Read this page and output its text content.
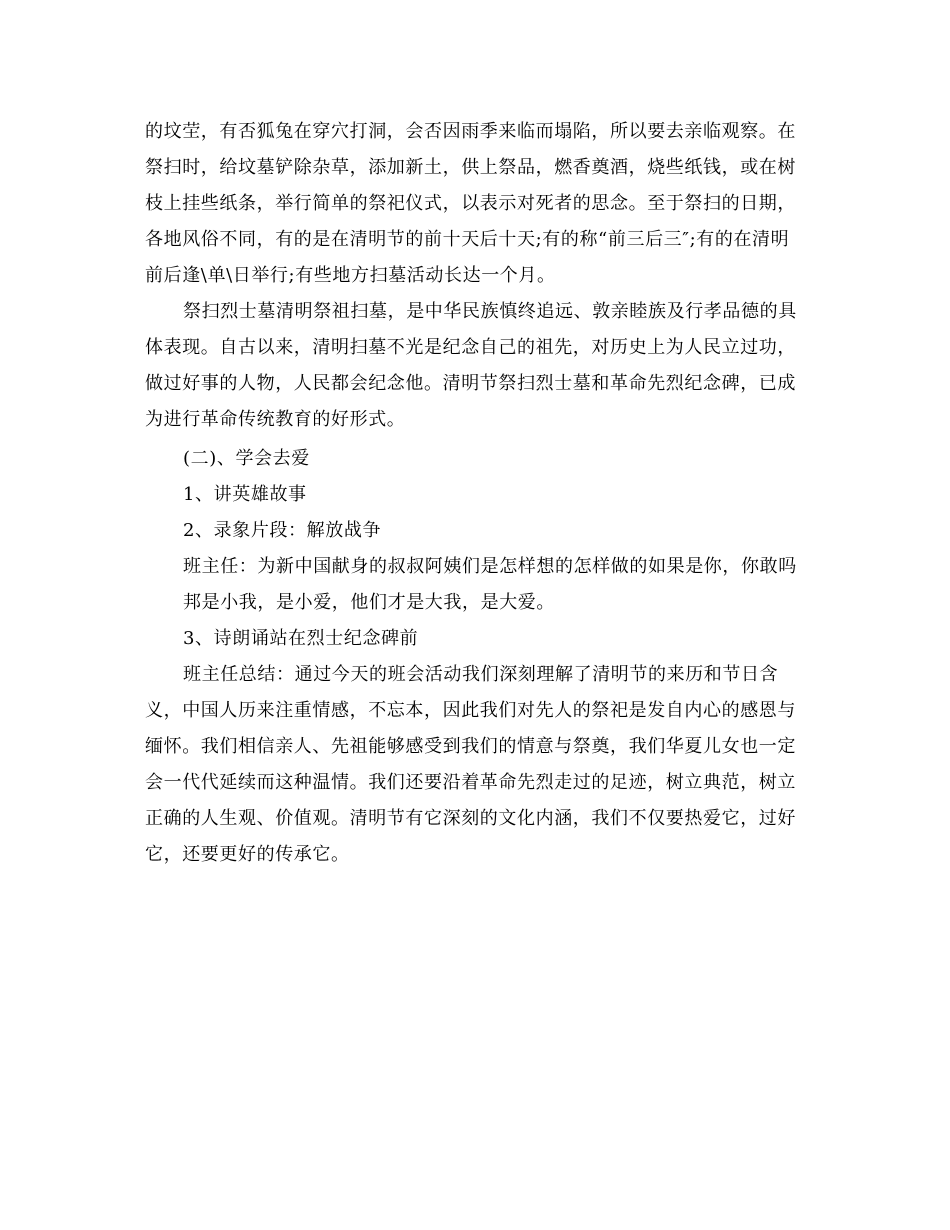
的坟茔，有否狐兔在穿穴打洞，会否因雨季来临而塌陷，所以要去亲临观察。在
祭扫时，给坟墓铲除杂草，添加新土，供上祭品，燃香奠酒，烧些纸钱，或在树
枝上挂些纸条，举行简单的祭祀仪式，以表示对死者的思念。至于祭扫的日期，
各地风俗不同，有的是在清明节的前十天后十天;有的称“前三后三″;有的在清明
前后逢\单\日举行;有些地方扫墓活动长达一个月。
祭扫烈士墓清明祭祖扫墓，是中华民族慎终追远、敦亲睦族及行孝品德的具
体表现。自古以来，清明扫墓不光是纪念自己的祖先，对历史上为人民立过功，
做过好事的人物，人民都会纪念他。清明节祭扫烈士墓和革命先烈纪念碑，已成
为进行革命传统教育的好形式。
(二)、学会去爱
1、讲英雄故事
2、录象片段：解放战争
班主任：为新中国献身的叔叔阿姨们是怎样想的怎样做的如果是你，你敢吗
邦是小我，是小爱，他们才是大我，是大爱。
3、诗朗诵站在烈士纪念碑前
班主任总结：通过今天的班会活动我们深刻理解了清明节的来历和节日含
义，中国人历来注重情感，不忘本，因此我们对先人的祭祀是发自内心的感恩与
缅怀。我们相信亲人、先祖能够感受到我们的情意与祭奠，我们华夏儿女也一定
会一代代延续而这种温情。我们还要沿着革命先烈走过的足迹，树立典范，树立
正确的人生观、价值观。清明节有它深刻的文化内涵，我们不仅要热爱它，过好
它，还要更好的传承它。
